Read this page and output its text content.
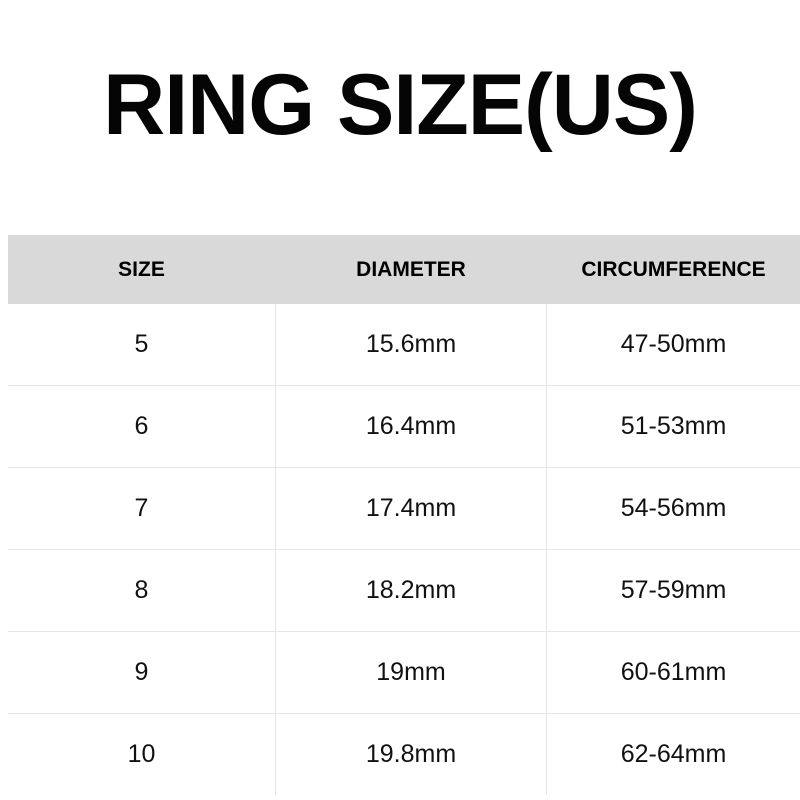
RING SIZE(US)
SIZE	DIAMETER	CIRCUMFERENCE
5	15.6mm	47-50mm
6	16.4mm	51-53mm
7	17.4mm	54-56mm
8	18.2mm	57-59mm
9	19mm	60-61mm
10	19.8mm	62-64mm
